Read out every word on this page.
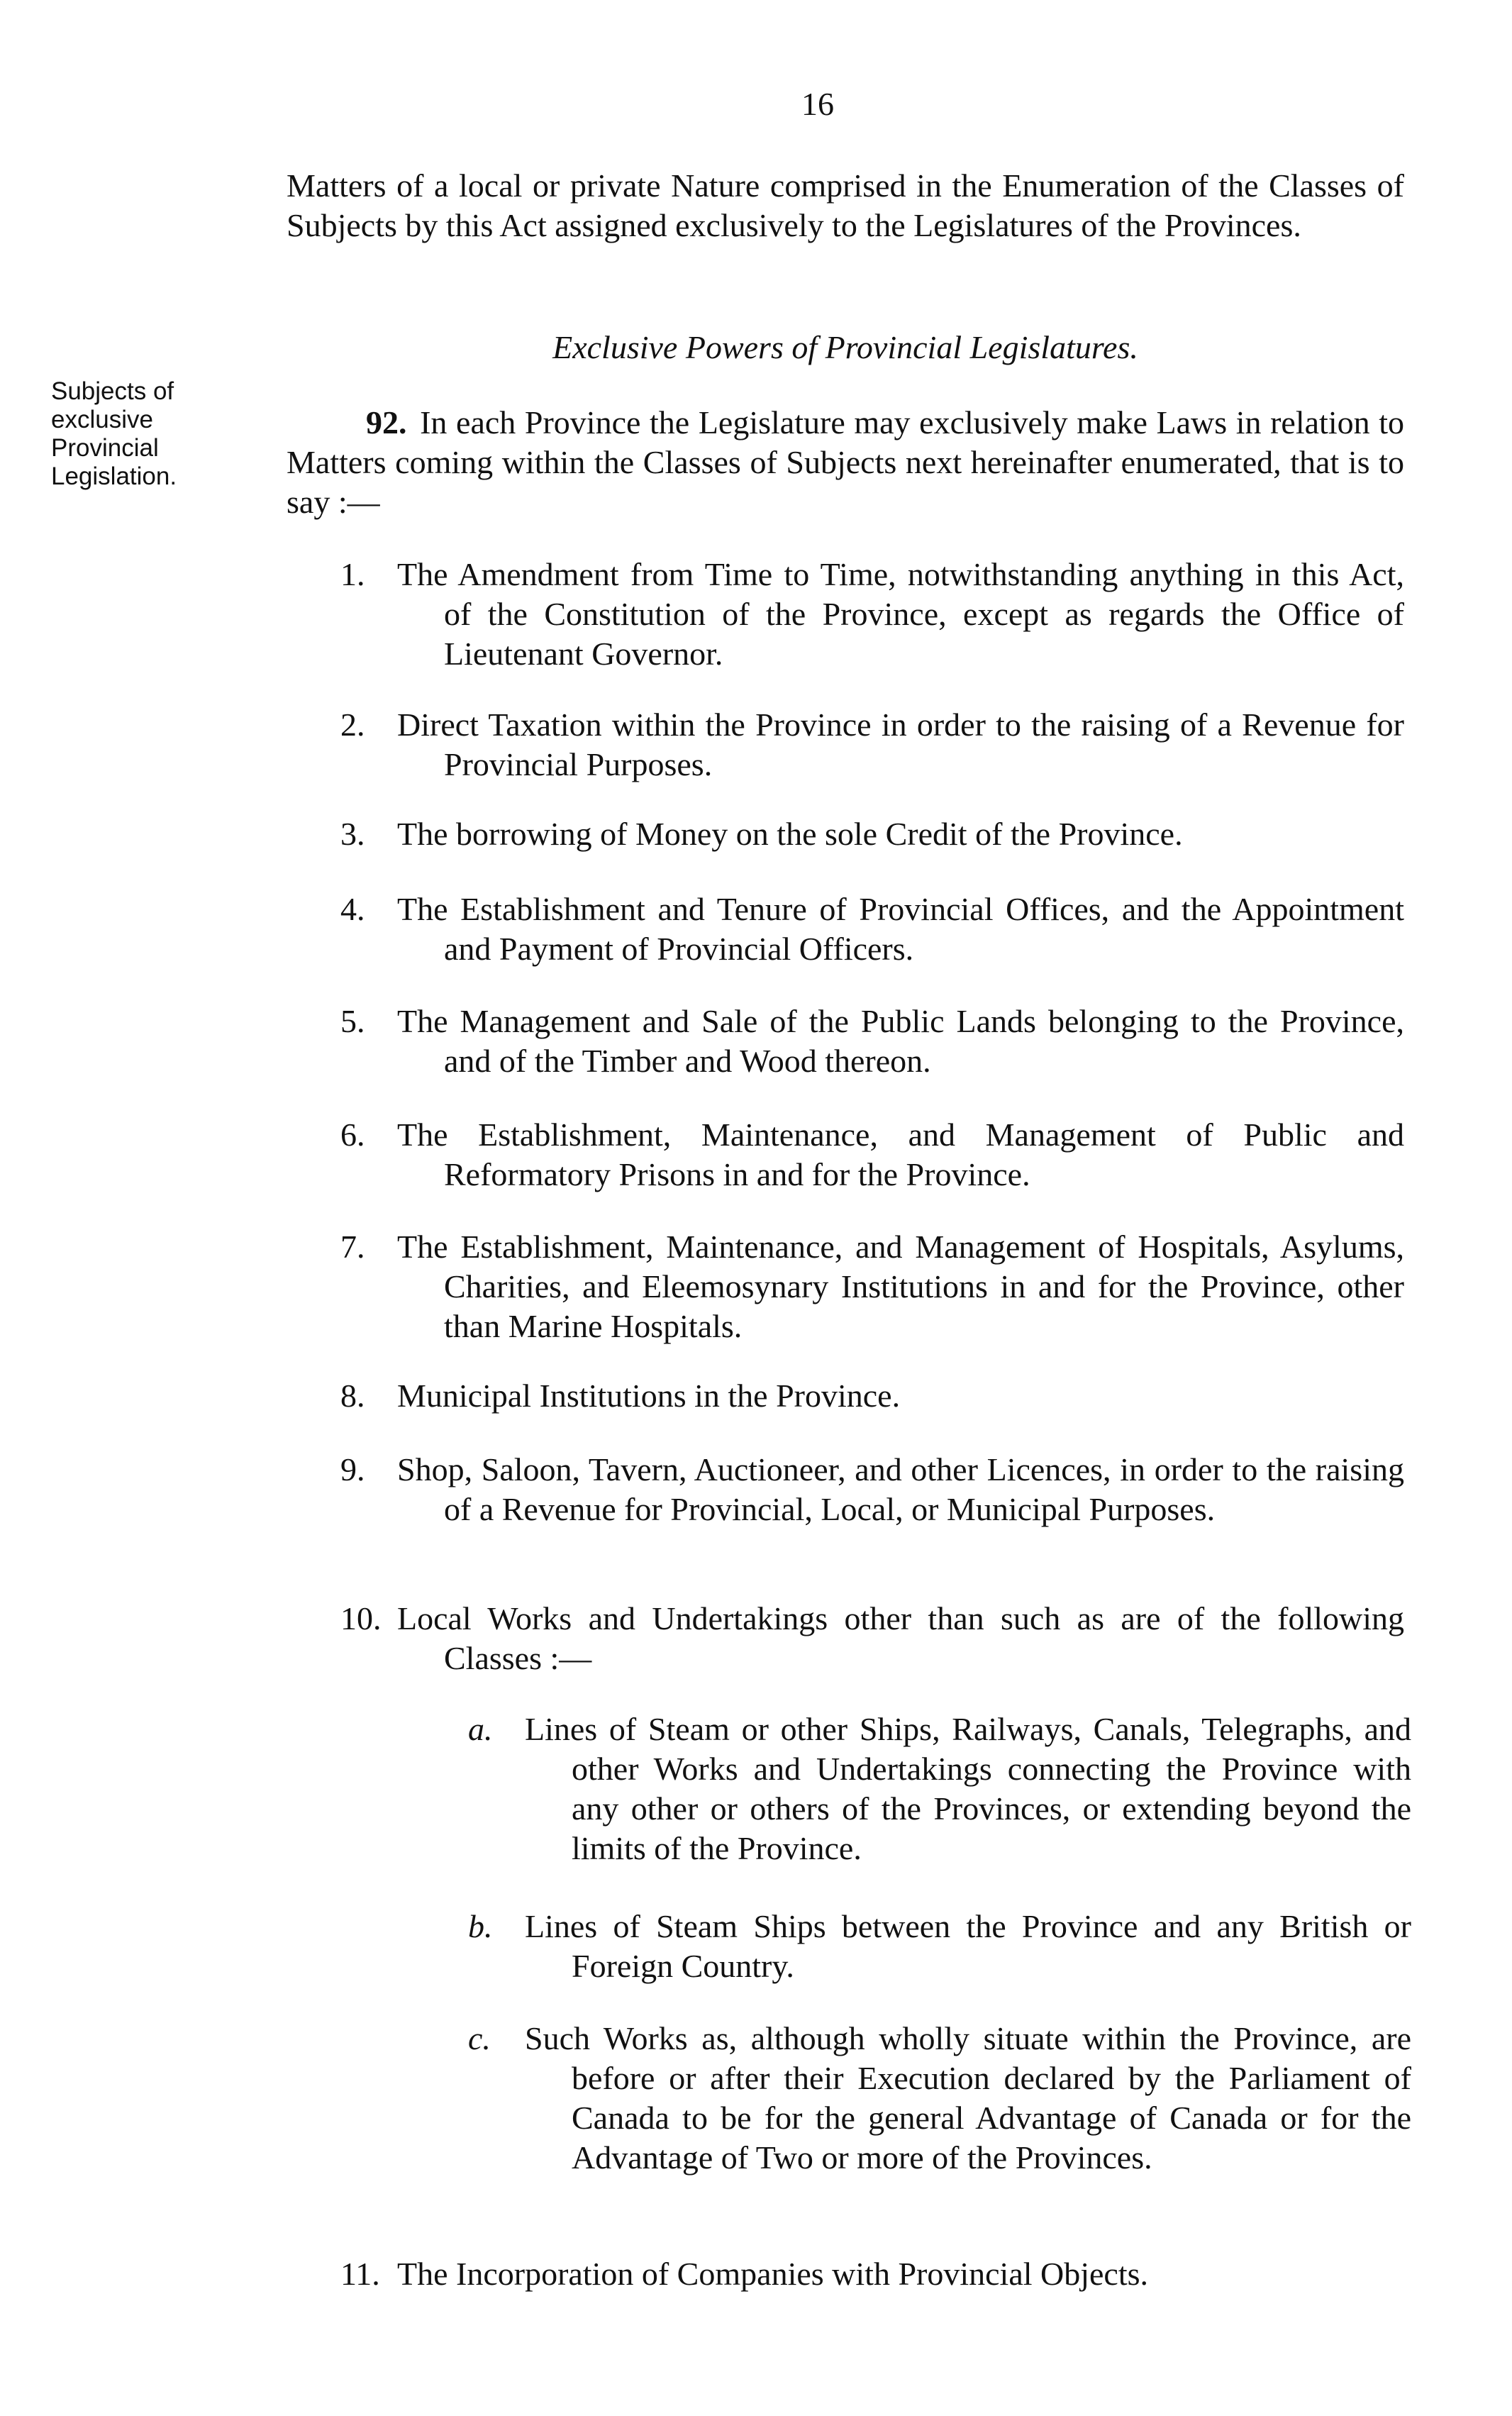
16
Matters of a local or private Nature comprised in the Enumeration of the Classes of Subjects by this Act assigned exclusively to the Legislatures of the Provinces.
Exclusive Powers of Provincial Legislatures.
Subjects of exclusive Provincial Legislation.
92. In each Province the Legislature may exclusively make Laws in relation to Matters coming within the Classes of Subjects next hereinafter enumerated, that is to say :—
1. The Amendment from Time to Time, notwithstanding anything in this Act, of the Constitution of the Province, except as regards the Office of Lieutenant Governor.
2. Direct Taxation within the Province in order to the raising of a Revenue for Provincial Purposes.
3. The borrowing of Money on the sole Credit of the Province.
4. The Establishment and Tenure of Provincial Offices, and the Appointment and Payment of Provincial Officers.
5. The Management and Sale of the Public Lands belonging to the Province, and of the Timber and Wood thereon.
6. The Establishment, Maintenance, and Management of Public and Reformatory Prisons in and for the Province.
7. The Establishment, Maintenance, and Management of Hospitals, Asylums, Charities, and Eleemosynary Institutions in and for the Province, other than Marine Hospitals.
8. Municipal Institutions in the Province.
9. Shop, Saloon, Tavern, Auctioneer, and other Licences, in order to the raising of a Revenue for Provincial, Local, or Municipal Purposes.
10. Local Works and Undertakings other than such as are of the following Classes :—
a. Lines of Steam or other Ships, Railways, Canals, Telegraphs, and other Works and Undertakings connecting the Province with any other or others of the Provinces, or extending beyond the limits of the Province.
b. Lines of Steam Ships between the Province and any British or Foreign Country.
c.	Such Works as, although wholly situate within the Province, are before or after their Execution declared by the Parliament of Canada to be for the general Advantage of Canada or for the Advantage of Two or more of the Provinces.
11. The Incorporation of Companies with Provincial Objects.
